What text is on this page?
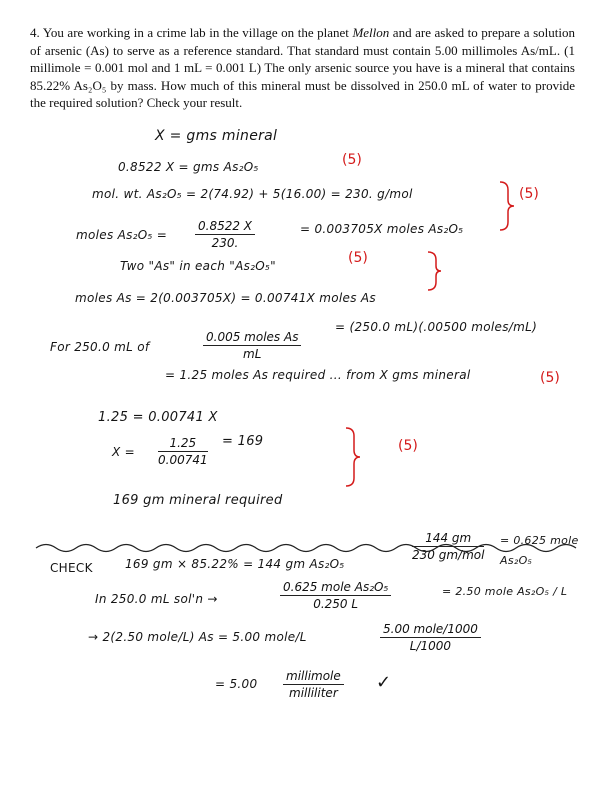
4. You are working in a crime lab in the village on the planet Mellon and are asked to prepare a solution of arsenic (As) to serve as a reference standard. That standard must contain 5.00 millimoles As/mL. (1 millimole = 0.001 mol and 1 mL = 0.001 L) The only arsenic source you have is a mineral that contains 85.22% As₂O₅ by mass. How much of this mineral must be dissolved in 250.0 mL of water to provide the required solution? Check your result.
X = gms mineral
0.8522 X = gms As₂O₅
mol. wt. As₂O₅ = 2(74.92) + 5(16.00) = 230. g/mol
moles $As_2O_5 = \frac{0.8522 X}{230.}$	= 0.003705X moles As₂O₅
Two "As" in each "As₂O₅"
moles As = 2(0.003705X) = 0.00741X moles As
For 250.0 mL of
0.005 moles As
mL
= (250.0 mL)(.00500 moles/mL)
= 1.25 moles As required ... from X gms mineral
1.25 = 0.00741 X
$X = \frac{1.25}{0.00741} = 169$
169 gm mineral required
CHECK	169 gm × 85.22% = 144 gm As₂O₅
144 gm
230 gm/mol
= 0.625 mole As₂O₅
In 250.0 mL sol'n →
0.625 mole As₂O₅
0.250 L
= 2.50 mole As₂O₅ / L
→ 2(2.50 mole/L) As = 5.00 mole/L
5.00 mole/1000
L/1000
= 5.00
millimole
milliliter	✓
(5)
(5)
(5)
(5)
(5)
